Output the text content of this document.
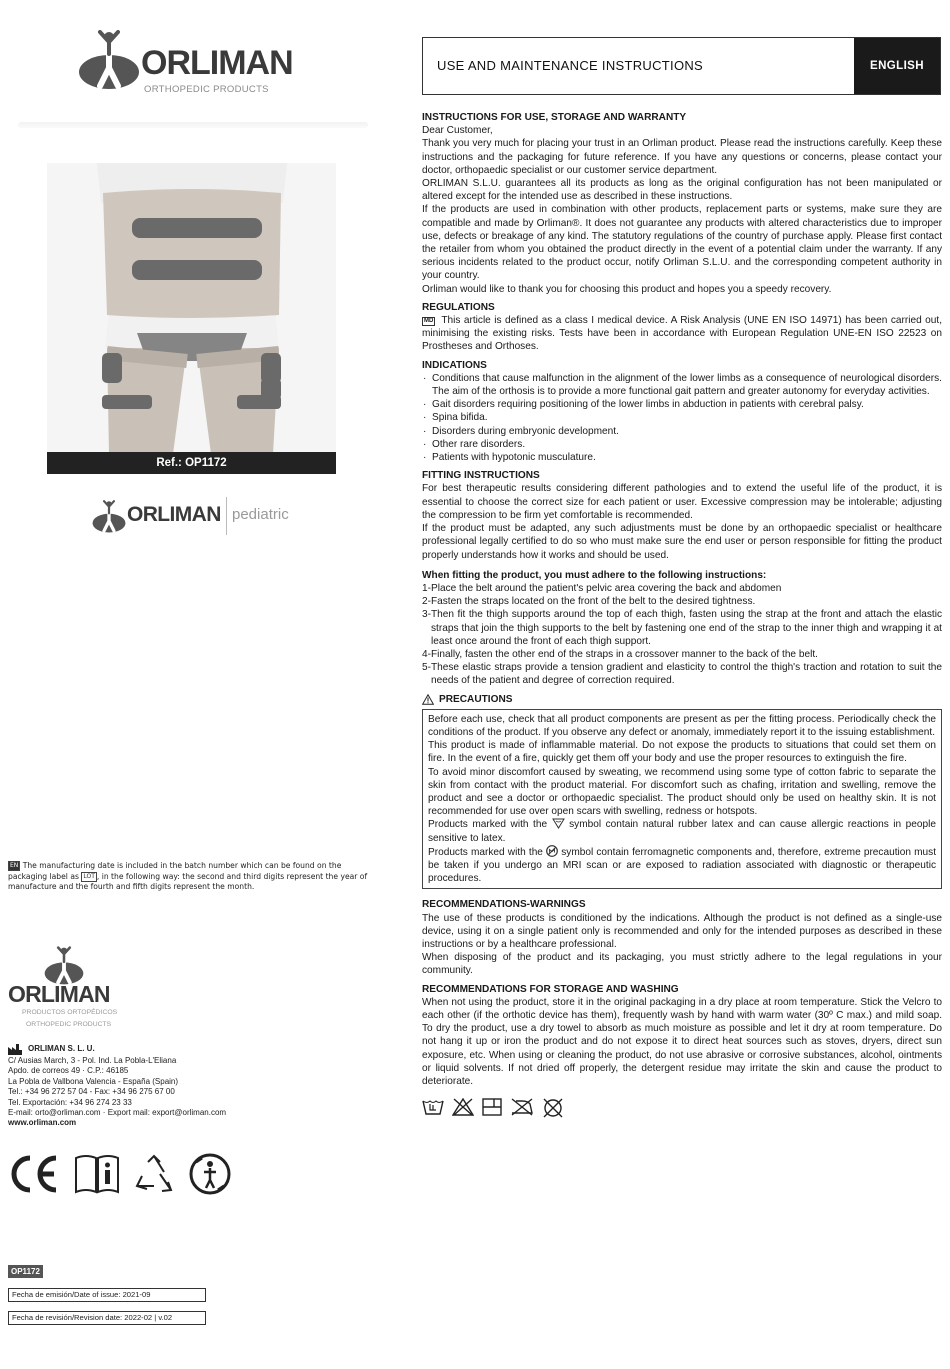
ORLIMAN
ORTHOPEDIC PRODUCTS
Ref.: OP1172
ORLIMAN pediatric
EN The manufacturing date is included in the batch number which can be found on the packaging label as LOT , in the following way: the second and third digits represent the year of manufacture and the fourth and fifth digits represent the month.
ORLIMAN
PRODUCTOS ORTOPÉDICOS
ORTHOPEDIC PRODUCTS
ORLIMAN S. L. U.
C/ Ausias March, 3 - Pol. Ind. La Pobla-L'Eliana
Apdo. de correos 49 · C.P.: 46185
La Pobla de Vallbona Valencia - España (Spain)
Tel.: +34 96 272 57 04 - Fax: +34 96 275 67 00
Tel. Exportación: +34 96 274 23 33
E-mail: orto@orliman.com · Export mail: export@orliman.com
www.orliman.com
OP1172
Fecha de emisión/Date of issue: 2021-09
Fecha de revisión/Revision date: 2022-02 | v.02
USE AND MAINTENANCE INSTRUCTIONS	ENGLISH
INSTRUCTIONS FOR USE, STORAGE AND WARRANTY

Dear Customer,

Thank you very much for placing your trust in an Orliman product. Please read the instructions carefully. Keep these instructions and the packaging for future reference. If you have any questions or concerns, please contact your doctor, orthopaedic specialist or our customer service department.

ORLIMAN S.L.U. guarantees all its products as long as the original configuration has not been manipulated or altered except for the intended use as described in these instructions.

If the products are used in combination with other products, replacement parts or systems, make sure they are compatible and made by Orliman®. It does not guarantee any products with altered characteristics due to improper use, defects or breakage of any kind. The statutory regulations of the country of purchase apply. Please first contact the retailer from whom you obtained the product directly in the event of a potential claim under the warranty. If any serious incidents related to the product occur, notify Orliman S.L.U. and the corresponding competent authority in your country.

Orliman would like to thank you for choosing this product and hopes you a speedy recovery.

REGULATIONS

MD This article is defined as a class I medical device. A Risk Analysis (UNE EN ISO 14971) has been carried out, minimising the existing risks. Tests have been in accordance with European Regulation UNE-EN ISO 22523 on Prostheses and Orthoses.

INDICATIONS
· Conditions that cause malfunction in the alignment of the lower limbs as a consequence of neurological disorders. The aim of the orthosis is to provide a more functional gait pattern and greater autonomy for everyday activities.
· Gait disorders requiring positioning of the lower limbs in abduction in patients with cerebral palsy.
· Spina bifida.
· Disorders during embryonic development.
· Other rare disorders.
· Patients with hypotonic musculature.
FITTING INSTRUCTIONS

For best therapeutic results considering different pathologies and to extend the useful life of the product, it is essential to choose the correct size for each patient or user. Excessive compression may be intolerable; adjusting the compression to be firm yet comfortable is recommended.

If the product must be adapted, any such adjustments must be done by an orthopaedic specialist or healthcare professional legally certified to do so who must make sure the end user or person responsible for fitting the product properly understands how it works and should be used.

When fitting the product, you must adhere to the following instructions:
1-Place the belt around the patient's pelvic area covering the back and abdomen
2-Fasten the straps located on the front of the belt to the desired tightness.
3-Then fit the thigh supports around the top of each thigh, fasten using the strap at the front and attach the elastic straps that join the thigh supports to the belt by fastening one end of the strap to the inner thigh and wrapping it at least once around the front of each thigh support.
4-Finally, fasten the other end of the straps in a crossover manner to the back of the belt.
5-These elastic straps provide a tension gradient and elasticity to control the thigh's traction and rotation to suit the needs of the patient and degree of correction required.
PRECAUTIONS

Before each use, check that all product components are present as per the fitting process. Periodically check the conditions of the product. If you observe any defect or anomaly, immediately report it to the issuing establishment.

This product is made of inflammable material. Do not expose the products to situations that could set them on fire. In the event of a fire, quickly get them off your body and use the proper resources to extinguish the fire.

To avoid minor discomfort caused by sweating, we recommend using some type of cotton fabric to separate the skin from contact with the product material. For discomfort such as chafing, irritation and swelling, remove the product and see a doctor or orthopaedic specialist. The product should only be used on healthy skin. It is not recommended for use over open scars with swelling, redness or hotspots.

Products marked with the symbol contain natural rubber latex and can cause allergic reactions in people sensitive to latex.

Products marked with the symbol contain ferromagnetic components and, therefore, extreme precaution must be taken if you undergo an MRI scan or are exposed to radiation associated with diagnostic or therapeutic procedures.

RECOMMENDATIONS-WARNINGS

The use of these products is conditioned by the indications. Although the product is not defined as a single-use device, using it on a single patient only is recommended and only for the intended purposes as described in these instructions or by a healthcare professional.

When disposing of the product and its packaging, you must strictly adhere to the legal regulations in your community.

RECOMMENDATIONS FOR STORAGE AND WASHING

When not using the product, store it in the original packaging in a dry place at room temperature. Stick the Velcro to each other (if the orthotic device has them), frequently wash by hand with warm water (30º C max.) and mild soap. To dry the product, use a dry towel to absorb as much moisture as possible and let it dry at room temperature. Do not hang it up or iron the product and do not expose it to direct heat sources such as stoves, dryers, direct sun exposure, etc. When using or cleaning the product, do not use abrasive or corrosive substances, alcohol, ointments or liquid solvents. If not dried off properly, the detergent residue may irritate the skin and cause the product to deteriorate.
